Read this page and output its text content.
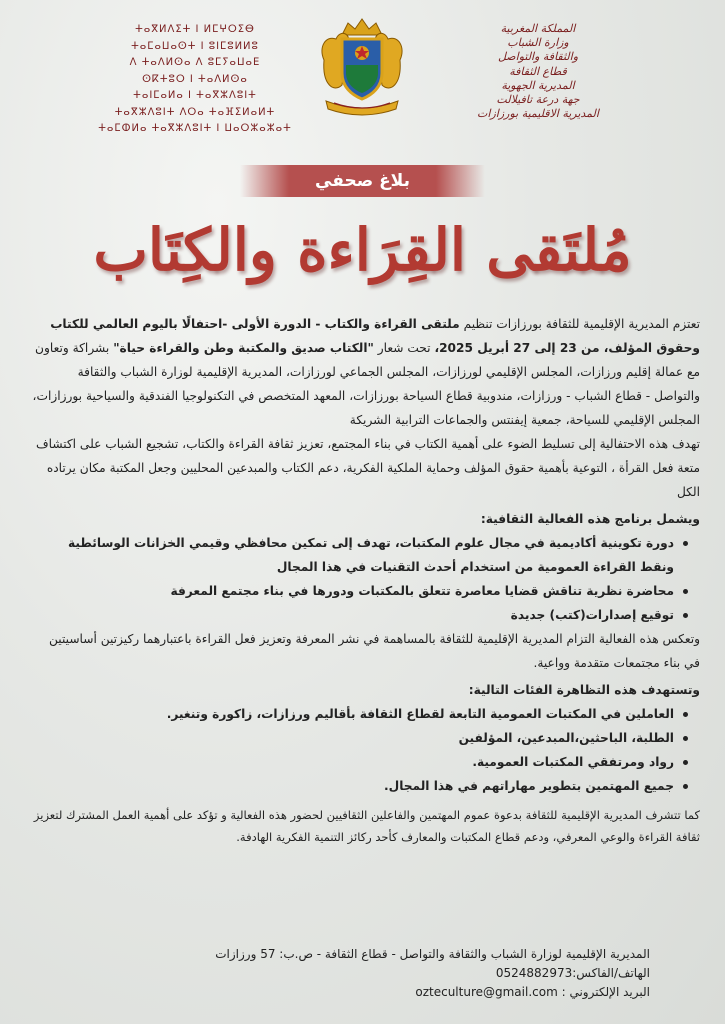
ⵜⴰⴳⵍⴷⵉⵜ ⵏ ⵍⵎⵖⵔⵉⴱ
ⵜⴰⵎⴰⵡⴰⵙⵜ ⵏ ⵓⵏⵎⵓⵍⵍⵓ
ⴷ ⵜⴰⴷⵍⵙⴰ ⴷ ⵓⵎⵢⴰⵡⴰⴹ
ⵙⴽⵜⵓⵔ ⵏ ⵜⴰⴷⵍⵙⴰ
ⵜⴰⵏⵎⴰⵍⴰ ⵏ ⵜⴰⴳⵣⴷⵓⵏⵜ
ⵜⴰⴳⵣⴷⵓⵏⵜ ⴷⵔⴰ ⵜⴰⴼⵉⵍⴰⵍⵜ
ⵜⴰⵎⵀⵍⴰ ⵜⴰⴳⵣⴷⵓⵏⵜ ⵏ ⵡⴰⵔⵣⴰⵣⴰⵜ
المملكة المغربية
وزارة الشباب
والثقافة والتواصل
قطاع الثقافة
المديرية الجهوية
جهة درعة تافيلالت
المديرية الاقليمية بورزازات
بلاغ صحفي
مُلتَقى القِرَاءة والكِتَاب

تعتزم المديرية الإقليمية للثقافة بورزازات تنظيم ملتقى القراءة والكتاب - الدورة الأولى -احتفالًا باليوم العالمي للكتاب وحقوق المؤلف، من 23 إلى 27 أبريل 2025، تحت شعار "الكتاب صديق والمكتبة وطن والقراءة حياة" بشراكة وتعاون مع عمالة إقليم ورزازات، المجلس الإقليمي لورزازات، المجلس الجماعي لورزازات، المديرية الإقليمية لوزارة الشباب والثقافة والتواصل - قطاع الشباب - ورزازات، مندوبية قطاع السياحة بورزازات، المعهد المتخصص في التكنولوجيا الفندقية والسياحية بورزازات، المجلس الإقليمي للسياحة، جمعية إيفنتس والجماعات الترابية الشريكة

تهدف هذه الاحتفالية إلى تسليط الضوء على أهمية الكتاب في بناء المجتمع، تعزيز ثقافة القراءة والكتاب، تشجيع الشباب على اكتشاف متعة فعل القرأة ، التوعية بأهمية حقوق المؤلف وحماية الملكية الفكرية، دعم الكتاب والمبدعين المحليين وجعل المكتبة مكان يرتاده الكل

ويشمل برنامج هذه الفعالية الثقافية:

دورة تكوينية أكاديمية في مجال علوم المكتبات، تهدف إلى تمكين محافظي وقيمي الخزانات الوسائطية ونقط القراءة العمومية من استخدام أحدث التقنيات في هذا المجال
محاضرة نظرية تناقش قضايا معاصرة تتعلق بالمكتبات ودورها في بناء مجتمع المعرفة
توقيع إصدارات(كتب) جديدة

وتعكس هذه الفعالية التزام المديرية الإقليمية للثقافة بالمساهمة في نشر المعرفة وتعزيز فعل القراءة باعتبارهما ركيزتين أساسيتين في بناء مجتمعات متقدمة وواعية.

وتستهدف هذه التظاهرة الفئات التالية:

العاملين في المكتبات العمومية التابعة لقطاع الثقافة بأقاليم ورزازات، زاكورة وتنغير.
الطلبة، الباحثين،المبدعين، المؤلفين
رواد ومرتفقي المكتبات العمومية.
جميع المهتمين بتطوير مهاراتهم في هذا المجال.

كما تتشرف المديرية الإقليمية للثقافة بدعوة عموم المهتمين والفاعلين الثقافيين لحضور هذه الفعالية و تؤكد على أهمية العمل المشترك لتعزيز ثقافة القراءة والوعي المعرفي، ودعم قطاع المكتبات والمعارف كأحد ركائز التنمية الفكرية الهادفة.

المديرية الإقليمية لوزارة الشباب والثقافة والتواصل - قطاع الثقافة - ص.ب: 57 ورزازات
الهاتف/الفاكس:0524882973
البريد الإلكتروني : ozteculture@gmail.com
